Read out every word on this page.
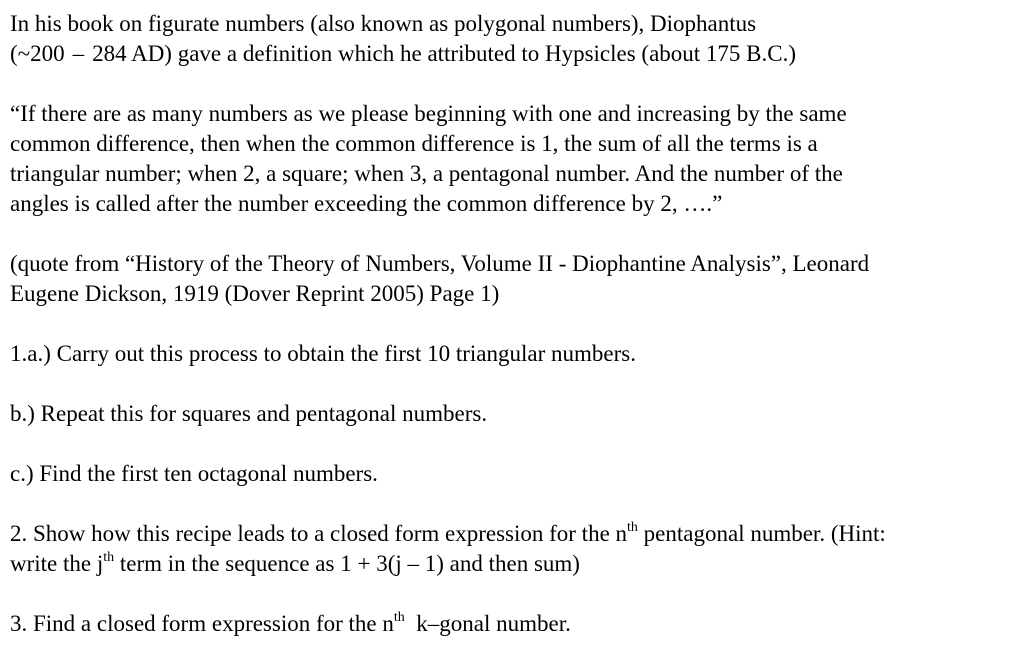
In his book on figurate numbers (also known as polygonal numbers), Diophantus
(~200 – 284 AD) gave a definition which he attributed to Hypsicles (about 175 B.C.)
“If there are as many numbers as we please beginning with one and increasing by the same
common difference, then when the common difference is 1, the sum of all the terms is a
triangular number; when 2, a square; when 3, a pentagonal number. And the number of the
angles is called after the number exceeding the common difference by 2, ….”
(quote from “History of the Theory of Numbers, Volume II - Diophantine Analysis”, Leonard
Eugene Dickson, 1919 (Dover Reprint 2005) Page 1)
1.a.) Carry out this process to obtain the first 10 triangular numbers.
b.) Repeat this for squares and pentagonal numbers.
c.) Find the first ten octagonal numbers.
2. Show how this recipe leads to a closed form expression for the $n^{th}$ pentagonal number. (Hint:
write the $j^{th}$ term in the sequence as 1 + 3(j – 1) and then sum)
3. Find a closed form expression for the $n^{th}$  k–gonal number.
